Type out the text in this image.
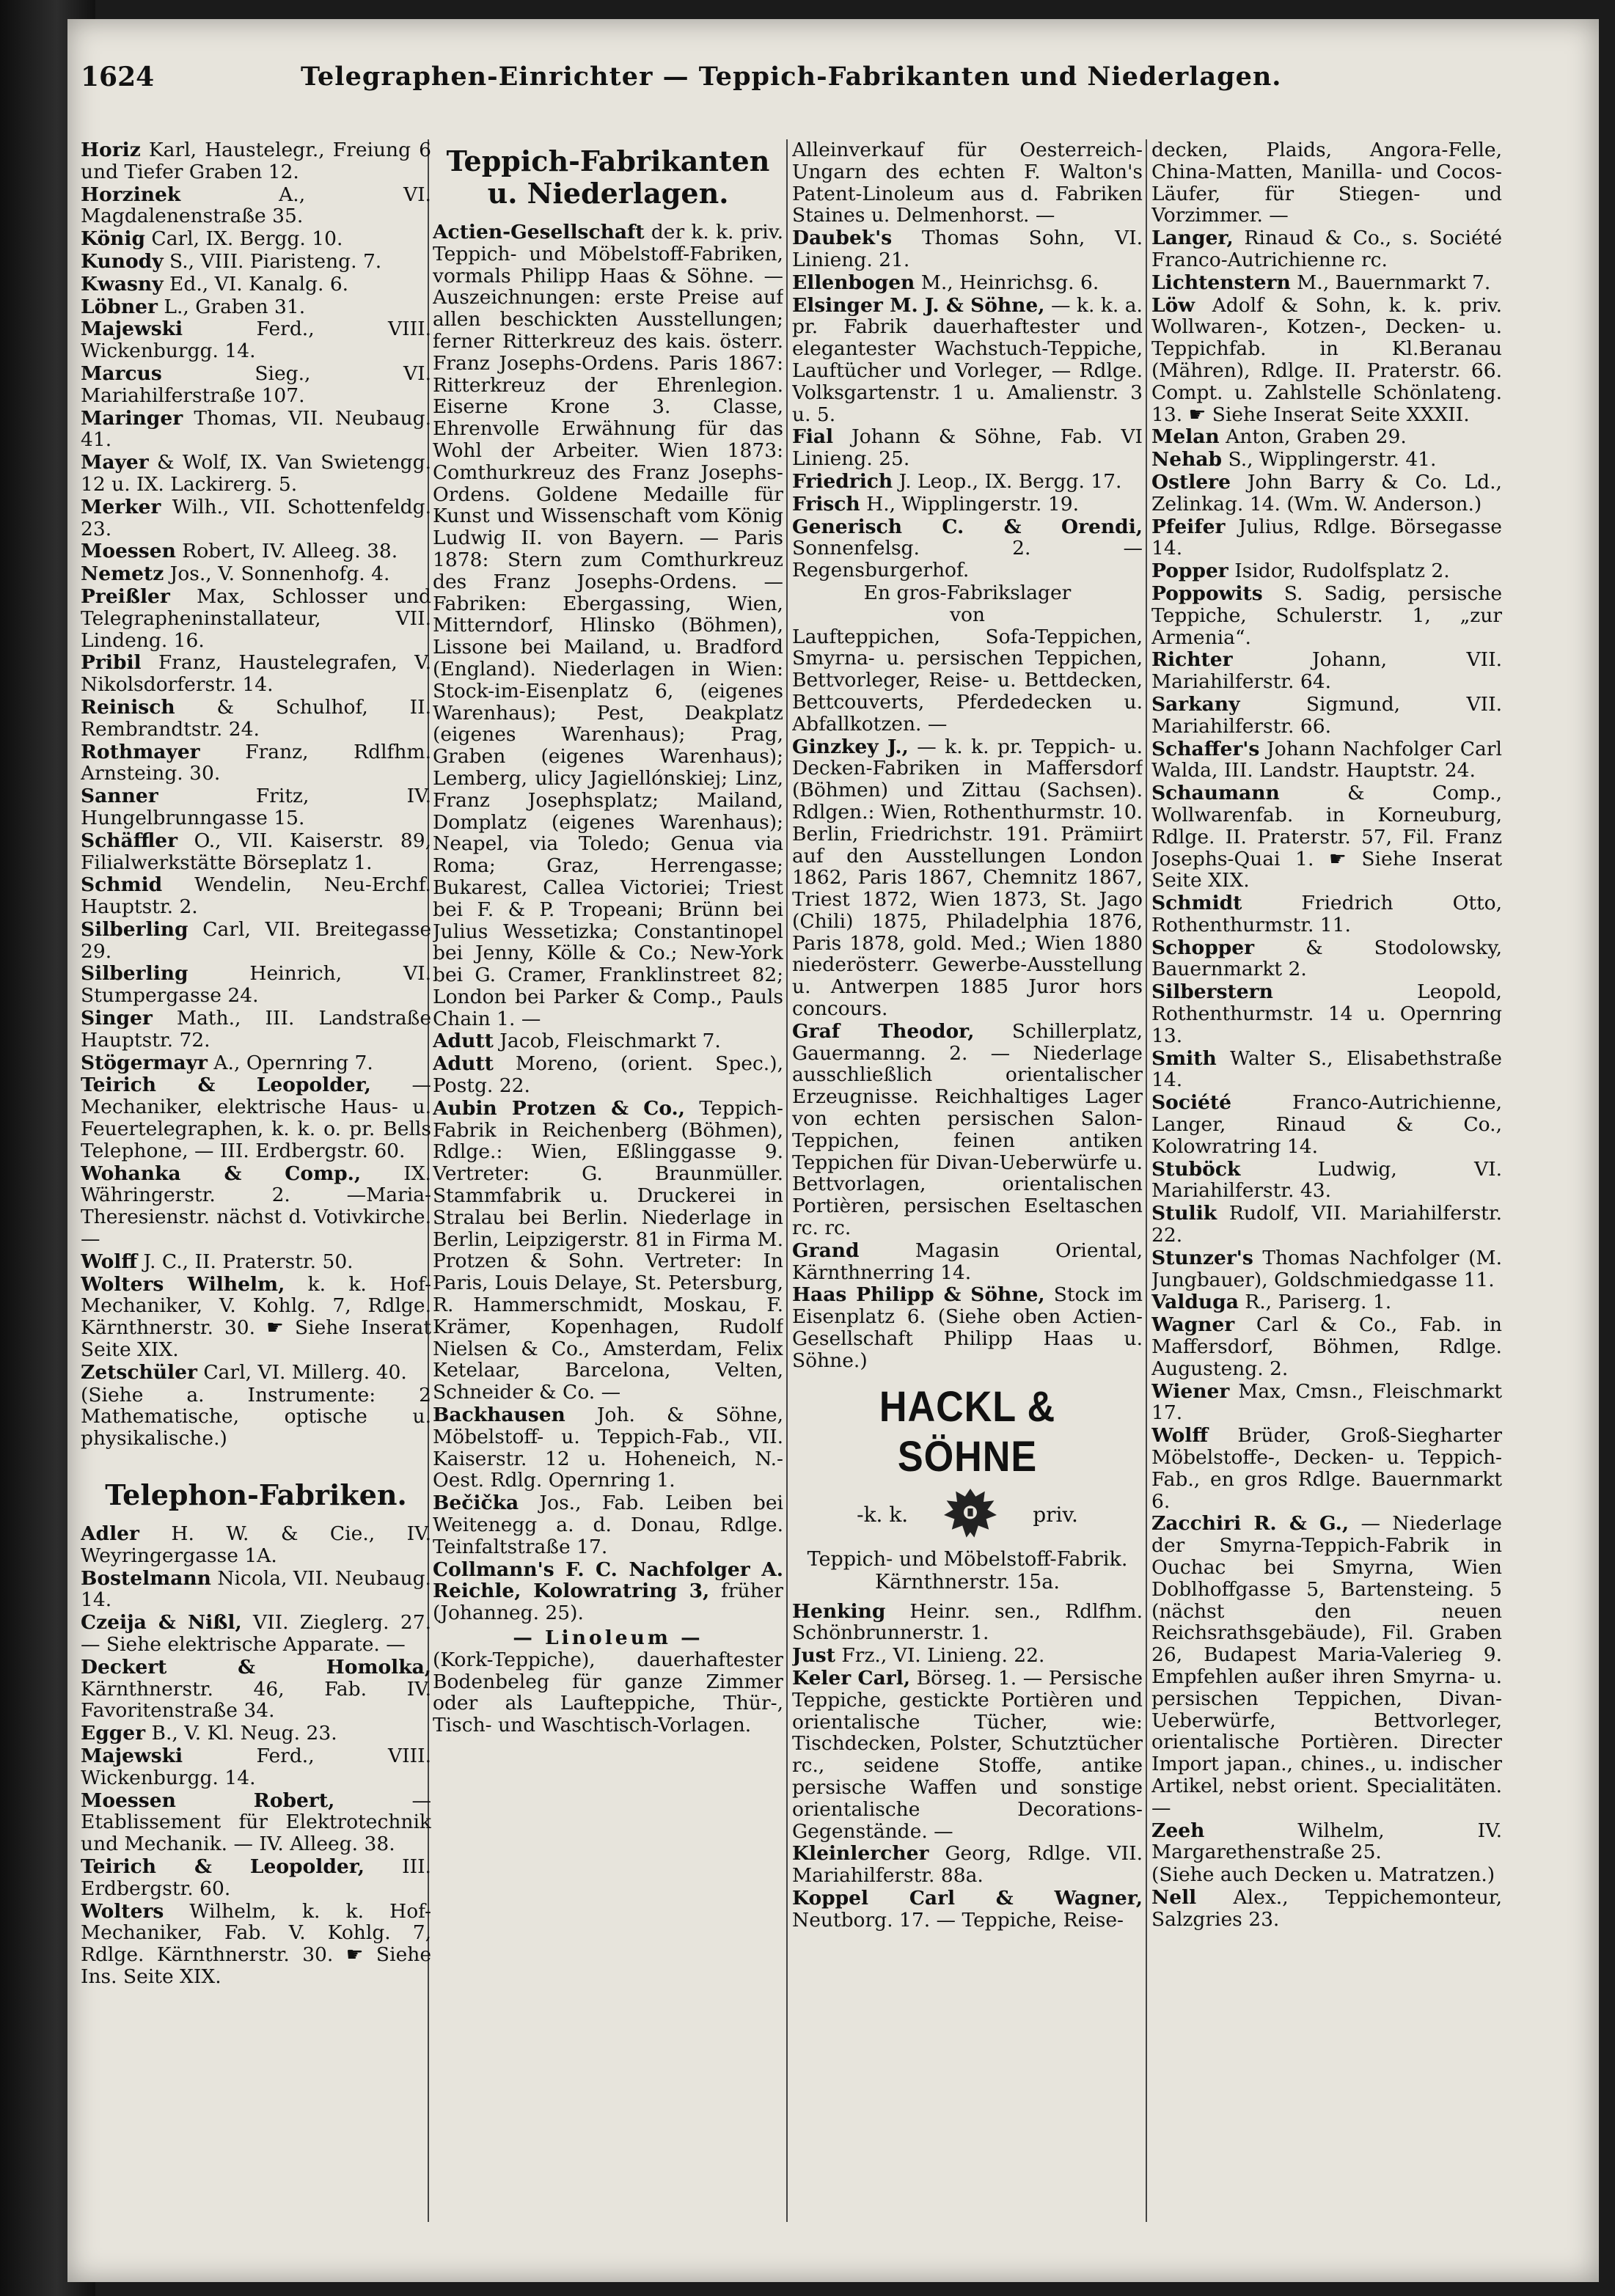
1624	Telegraphen-Einrichter — Teppich-Fabrikanten und Niederlagen.
Horiz Karl, Haustelegr., Freiung 6 und Tiefer Graben 12.
Horzinek A., VI. Magdalenenstraße 35.
König Carl, IX. Bergg. 10.
Kunody S., VIII. Piaristeng. 7.
Kwasny Ed., VI. Kanalg. 6.
Löbner L., Graben 31.
Majewski Ferd., VIII. Wickenburgg. 14.
Marcus Sieg., VI. Mariahilferstraße 107.
Maringer Thomas, VII. Neubaug. 41.
Mayer & Wolf, IX. Van Swietengg. 12 u. IX. Lackirerg. 5.
Merker Wilh., VII. Schottenfeldg. 23.
Moessen Robert, IV. Alleeg. 38.
Nemetz Jos., V. Sonnenhofg. 4.
Preißler Max, Schlosser und Telegrapheninstallateur, VII. Lindeng. 16.
Pribil Franz, Haustelegrafen, V. Nikolsdorferstr. 14.
Reinisch & Schulhof, II. Rembrandtstr. 24.
Rothmayer Franz, Rdlfhm. Arnsteing. 30.
Sanner Fritz, IV. Hungelbrunngasse 15.
Schäffler O., VII. Kaiserstr. 89, Filialwerkstätte Börseplatz 1.
Schmid Wendelin, Neu-Erchf. Hauptstr. 2.
Silberling Carl, VII. Breitegasse 29.
Silberling Heinrich, VI. Stumpergasse 24.
Singer Math., III. Landstraße Hauptstr. 72.
Stögermayr A., Opernring 7.
Teirich & Leopolder, — Mechaniker, elektrische Haus- u. Feuertelegraphen, k. k. o. pr. Bells Telephone, — III. Erdbergstr. 60.
Wohanka & Comp., IX. Währingerstr. 2. —Maria-Theresienstr. nächst d. Votivkirche.—
Wolff J. C., II. Praterstr. 50.
Wolters Wilhelm, k. k. Hof-Mechaniker, V. Kohlg. 7, Rdlge. Kärnthnerstr. 30. ☛ Siehe Inserat Seite XIX.
Zetschüler Carl, VI. Millerg. 40.
(Siehe a. Instrumente: 2 Mathematische, optische u. physikalische.)
Telephon-Fabriken.
Adler H. W. & Cie., IV. Weyringergasse 1A.
Bostelmann Nicola, VII. Neubaug. 14.
Czeija & Nißl, VII. Zieglerg. 27. — Siehe elektrische Apparate. —
Deckert & Homolka, Kärnthnerstr. 46, Fab. IV. Favoritenstraße 34.
Egger B., V. Kl. Neug. 23.
Majewski Ferd., VIII. Wickenburgg. 14.
Moessen Robert, — Etablissement für Elektrotechnik und Mechanik. — IV. Alleeg. 38.
Teirich & Leopolder, III. Erdbergstr. 60.
Wolters Wilhelm, k. k. Hof-Mechaniker, Fab. V. Kohlg. 7, Rdlge. Kärnthnerstr. 30. ☛ Siehe Ins. Seite XIX.
Teppich-Fabrikanten u. Niederlagen.
Actien-Gesellschaft der k. k. priv. Teppich- und Möbelstoff-Fabriken, vormals Philipp Haas & Söhne. — Auszeichnungen: erste Preise auf allen beschickten Ausstellungen; ferner Ritterkreuz des kais. österr. Franz Josephs-Ordens. Paris 1867: Ritterkreuz der Ehrenlegion. Eiserne Krone 3. Classe, Ehrenvolle Erwähnung für das Wohl der Arbeiter. Wien 1873: Comthurkreuz des Franz Josephs-Ordens. Goldene Medaille für Kunst und Wissenschaft vom König Ludwig II. von Bayern. — Paris 1878: Stern zum Comthurkreuz des Franz Josephs-Ordens. — Fabriken: Ebergassing, Wien, Mitterndorf, Hlinsko (Böhmen), Lissone bei Mailand, u. Bradford (England). Niederlagen in Wien: Stock-im-Eisenplatz 6, (eigenes Warenhaus); Pest, Deakplatz (eigenes Warenhaus); Prag, Graben (eigenes Warenhaus); Lemberg, ulicy Jagiellónskiej; Linz, Franz Josephsplatz; Mailand, Domplatz (eigenes Warenhaus); Neapel, via Toledo; Genua via Roma; Graz, Herrengasse; Bukarest, Callea Victoriei; Triest bei F. & P. Tropeani; Brünn bei Julius Wessetizka; Constantinopel bei Jenny, Kölle & Co.; New-York bei G. Cramer, Franklinstreet 82; London bei Parker & Comp., Pauls Chain 1. —
Adutt Jacob, Fleischmarkt 7.
Adutt Moreno, (orient. Spec.), Postg. 22.
Aubin Protzen & Co., Teppich-Fabrik in Reichenberg (Böhmen), Rdlge.: Wien, Eßlinggasse 9. Vertreter: G. Braunmüller. Stammfabrik u. Druckerei in Stralau bei Berlin. Niederlage in Berlin, Leipzigerstr. 81 in Firma M. Protzen & Sohn. Vertreter: In Paris, Louis Delaye, St. Petersburg, R. Hammerschmidt, Moskau, F. Krämer, Kopenhagen, Rudolf Nielsen & Co., Amsterdam, Felix Ketelaar, Barcelona, Velten, Schneider & Co. —
Backhausen Joh. & Söhne, Möbelstoff- u. Teppich-Fab., VII. Kaiserstr. 12 u. Hoheneich, N.-Oest. Rdlg. Opernring 1.
Bečička Jos., Fab. Leiben bei Weitenegg a. d. Donau, Rdlge. Teinfaltstraße 17.
Collmann's F. C. Nachfolger A. Reichle, Kolowratring 3, früher (Johanneg. 25).
— Linoleum —
(Kork-Teppiche), dauerhaftester Bodenbeleg für ganze Zimmer oder als Laufteppiche, Thür-, Tisch- und Waschtisch-Vorlagen.
Alleinverkauf für Oesterreich-Ungarn des echten F. Walton's Patent-Linoleum aus d. Fabriken Staines u. Delmenhorst. —
Daubek's Thomas Sohn, VI. Linieng. 21.
Ellenbogen M., Heinrichsg. 6.
Elsinger M. J. & Söhne, — k. k. a. pr. Fabrik dauerhaftester und elegantester Wachstuch-Teppiche, Lauftücher und Vorleger, — Rdlge. Volksgartenstr. 1 u. Amalienstr. 3 u. 5.
Fial Johann & Söhne, Fab. VI Linieng. 25.
Friedrich J. Leop., IX. Bergg. 17.
Frisch H., Wipplingerstr. 19.
Generisch C. & Orendi, Sonnenfelsg. 2. — Regensburgerhof.
En gros-Fabrikslager
von
Laufteppichen, Sofa-Teppichen, Smyrna- u. persischen Teppichen, Bettvorleger, Reise- u. Bettdecken, Bettcouverts, Pferdedecken u. Abfallkotzen. —
Ginzkey J., — k. k. pr. Teppich- u. Decken-Fabriken in Maffersdorf (Böhmen) und Zittau (Sachsen). Rdlgen.: Wien, Rothenthurmstr. 10. Berlin, Friedrichstr. 191. Prämiirt auf den Ausstellungen London 1862, Paris 1867, Chemnitz 1867, Triest 1872, Wien 1873, St. Jago (Chili) 1875, Philadelphia 1876, Paris 1878, gold. Med.; Wien 1880 niederösterr. Gewerbe-Ausstellung u. Antwerpen 1885 Juror hors concours.
Graf Theodor, Schillerplatz, Gauermanng. 2. — Niederlage ausschließlich orientalischer Erzeugnisse. Reichhaltiges Lager von echten persischen Salon-Teppichen, feinen antiken Teppichen für Divan-Ueberwürfe u. Bettvorlagen, orientalischen Portièren, persischen Eseltaschen rc. rc.
Grand Magasin Oriental, Kärnthnerring 14.
Haas Philipp & Söhne, Stock im Eisenplatz 6. (Siehe oben Actien-Gesellschaft Philipp Haas u. Söhne.)
HACKL & SÖHNE
-k. k.	priv.
Teppich- und Möbelstoff-Fabrik.
Kärnthnerstr. 15a.
Henking Heinr. sen., Rdlfhm. Schönbrunnerstr. 1.
Just Frz., VI. Linieng. 22.
Keler Carl, Börseg. 1. — Persische Teppiche, gestickte Portièren und orientalische Tücher, wie: Tischdecken, Polster, Schutztücher rc., seidene Stoffe, antike persische Waffen und sonstige orientalische Decorations-Gegenstände. —
Kleinlercher Georg, Rdlge. VII. Mariahilferstr. 88a.
Koppel Carl & Wagner, Neutborg. 17. — Teppiche, Reise-
decken, Plaids, Angora-Felle, China-Matten, Manilla- und Cocos-Läufer, für Stiegen- und Vorzimmer. —
Langer, Rinaud & Co., s. Société Franco-Autrichienne rc.
Lichtenstern M., Bauernmarkt 7.
Löw Adolf & Sohn, k. k. priv. Wollwaren-, Kotzen-, Decken- u. Teppichfab. in Kl.Beranau (Mähren), Rdlge. II. Praterstr. 66. Compt. u. Zahlstelle Schönlateng. 13. ☛ Siehe Inserat Seite XXXII.
Melan Anton, Graben 29.
Nehab S., Wipplingerstr. 41.
Ostlere John Barry & Co. Ld., Zelinkag. 14. (Wm. W. Anderson.)
Pfeifer Julius, Rdlge. Börsegasse 14.
Popper Isidor, Rudolfsplatz 2.
Poppowits S. Sadig, persische Teppiche, Schulerstr. 1, „zur Armenia“.
Richter Johann, VII. Mariahilferstr. 64.
Sarkany Sigmund, VII. Mariahilferstr. 66.
Schaffer's Johann Nachfolger Carl Walda, III. Landstr. Hauptstr. 24.
Schaumann & Comp., Wollwarenfab. in Korneuburg, Rdlge. II. Praterstr. 57, Fil. Franz Josephs-Quai 1. ☛ Siehe Inserat Seite XIX.
Schmidt Friedrich Otto, Rothenthurmstr. 11.
Schopper & Stodolowsky, Bauernmarkt 2.
Silberstern Leopold, Rothenthurmstr. 14 u. Opernring 13.
Smith Walter S., Elisabethstraße 14.
Société Franco-Autrichienne, Langer, Rinaud & Co., Kolowratring 14.
Stuböck Ludwig, VI. Mariahilferstr. 43.
Stulik Rudolf, VII. Mariahilferstr. 22.
Stunzer's Thomas Nachfolger (M. Jungbauer), Goldschmiedgasse 11.
Valduga R., Pariserg. 1.
Wagner Carl & Co., Fab. in Maffersdorf, Böhmen, Rdlge. Augusteng. 2.
Wiener Max, Cmsn., Fleischmarkt 17.
Wolff Brüder, Groß-Siegharter Möbelstoffe-, Decken- u. Teppich-Fab., en gros Rdlge. Bauernmarkt 6.
Zacchiri R. & G., — Niederlage der Smyrna-Teppich-Fabrik in Ouchac bei Smyrna, Wien Doblhoffgasse 5, Bartensteing. 5 (nächst den neuen Reichsrathsgebäude), Fil. Graben 26, Budapest Maria-Valerieg 9. Empfehlen außer ihren Smyrna- u. persischen Teppichen, Divan-Ueberwürfe, Bettvorleger, orientalische Portièren. Directer Import japan., chines., u. indischer Artikel, nebst orient. Specialitäten. —
Zeeh Wilhelm, IV. Margarethenstraße 25.
(Siehe auch Decken u. Matratzen.)
Nell Alex., Teppichemonteur, Salzgries 23.
